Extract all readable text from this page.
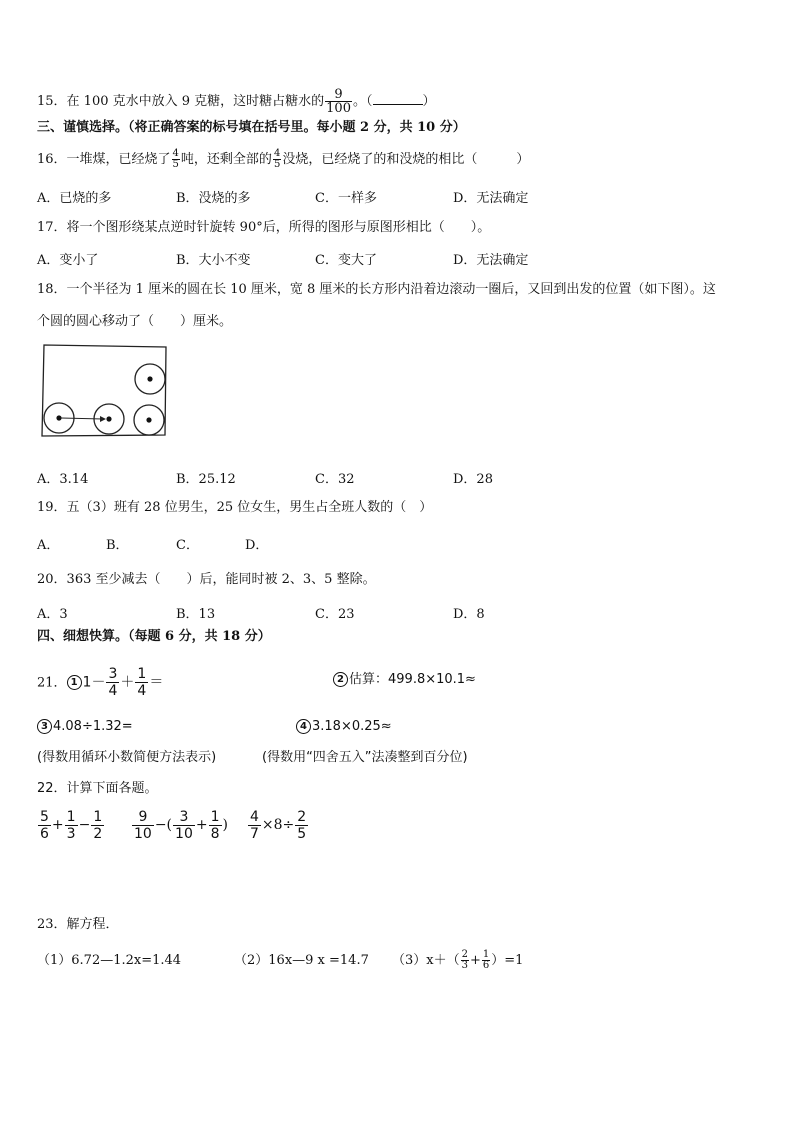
15．在 100 克水中放入 9 克糖，这时糖占糖水的 $\frac{9}{100}$ 。（	）
三、谨慎选择。（将正确答案的标号填在括号里。每小题 2 分，共 10 分）
16．一堆煤，已经烧了 $\frac{4}{5}$ 吨，还剩全部的 $\frac{4}{5}$ 没烧，已经烧了的和没烧的相比（　　　）
A．已烧的多	B．没烧的多	C．一样多	D．无法确定
17．将一个图形绕某点逆时针旋转 90°后，所得的图形与原图形相比（　　）。
A．变小了	B．大小不变	C．变大了	D．无法确定
18．一个半径为 1 厘米的圆在长 10 厘米，宽 8 厘米的长方形内沿着边滚动一圈后，又回到出发的位置（如下图）。这
个圆的圆心移动了（　　）厘米。
A．3.14	B．25.12	C．32	D．28
19．五（3）班有 28 位男生，25 位女生，男生占全班人数的（　）
A．	B．	C．	D．
20．363 至少减去（　　）后，能同时被 2、3、5 整除。
A．3	B．13	C．23	D．8
四、细想快算。（每题 6 分，共 18 分）
21． 1 $1- \frac{3}{4} + \frac{1}{4}$ ＝	2 估算：499.8×10.1≈
3 4.08÷1.32=	4 3.18×0.25≈
(得数用循环小数简便方法表示)	(得数用“四舍五入”法凑整到百分位)
22．计算下面各题。
$\frac{5}{6} + \frac{1}{3} - \frac{1}{2} \frac{9}{10}$ −( $\frac{3}{10} + \frac{1}{8}$ ) $\frac{4}{7} \times 8\div \frac{2}{5}$
23．解方程．
（1）6.72—1.2x=1.44	（2）16x—9 x =14.7 $(3)x+( \frac{2}{3} + \frac{1}{6} )=1$
